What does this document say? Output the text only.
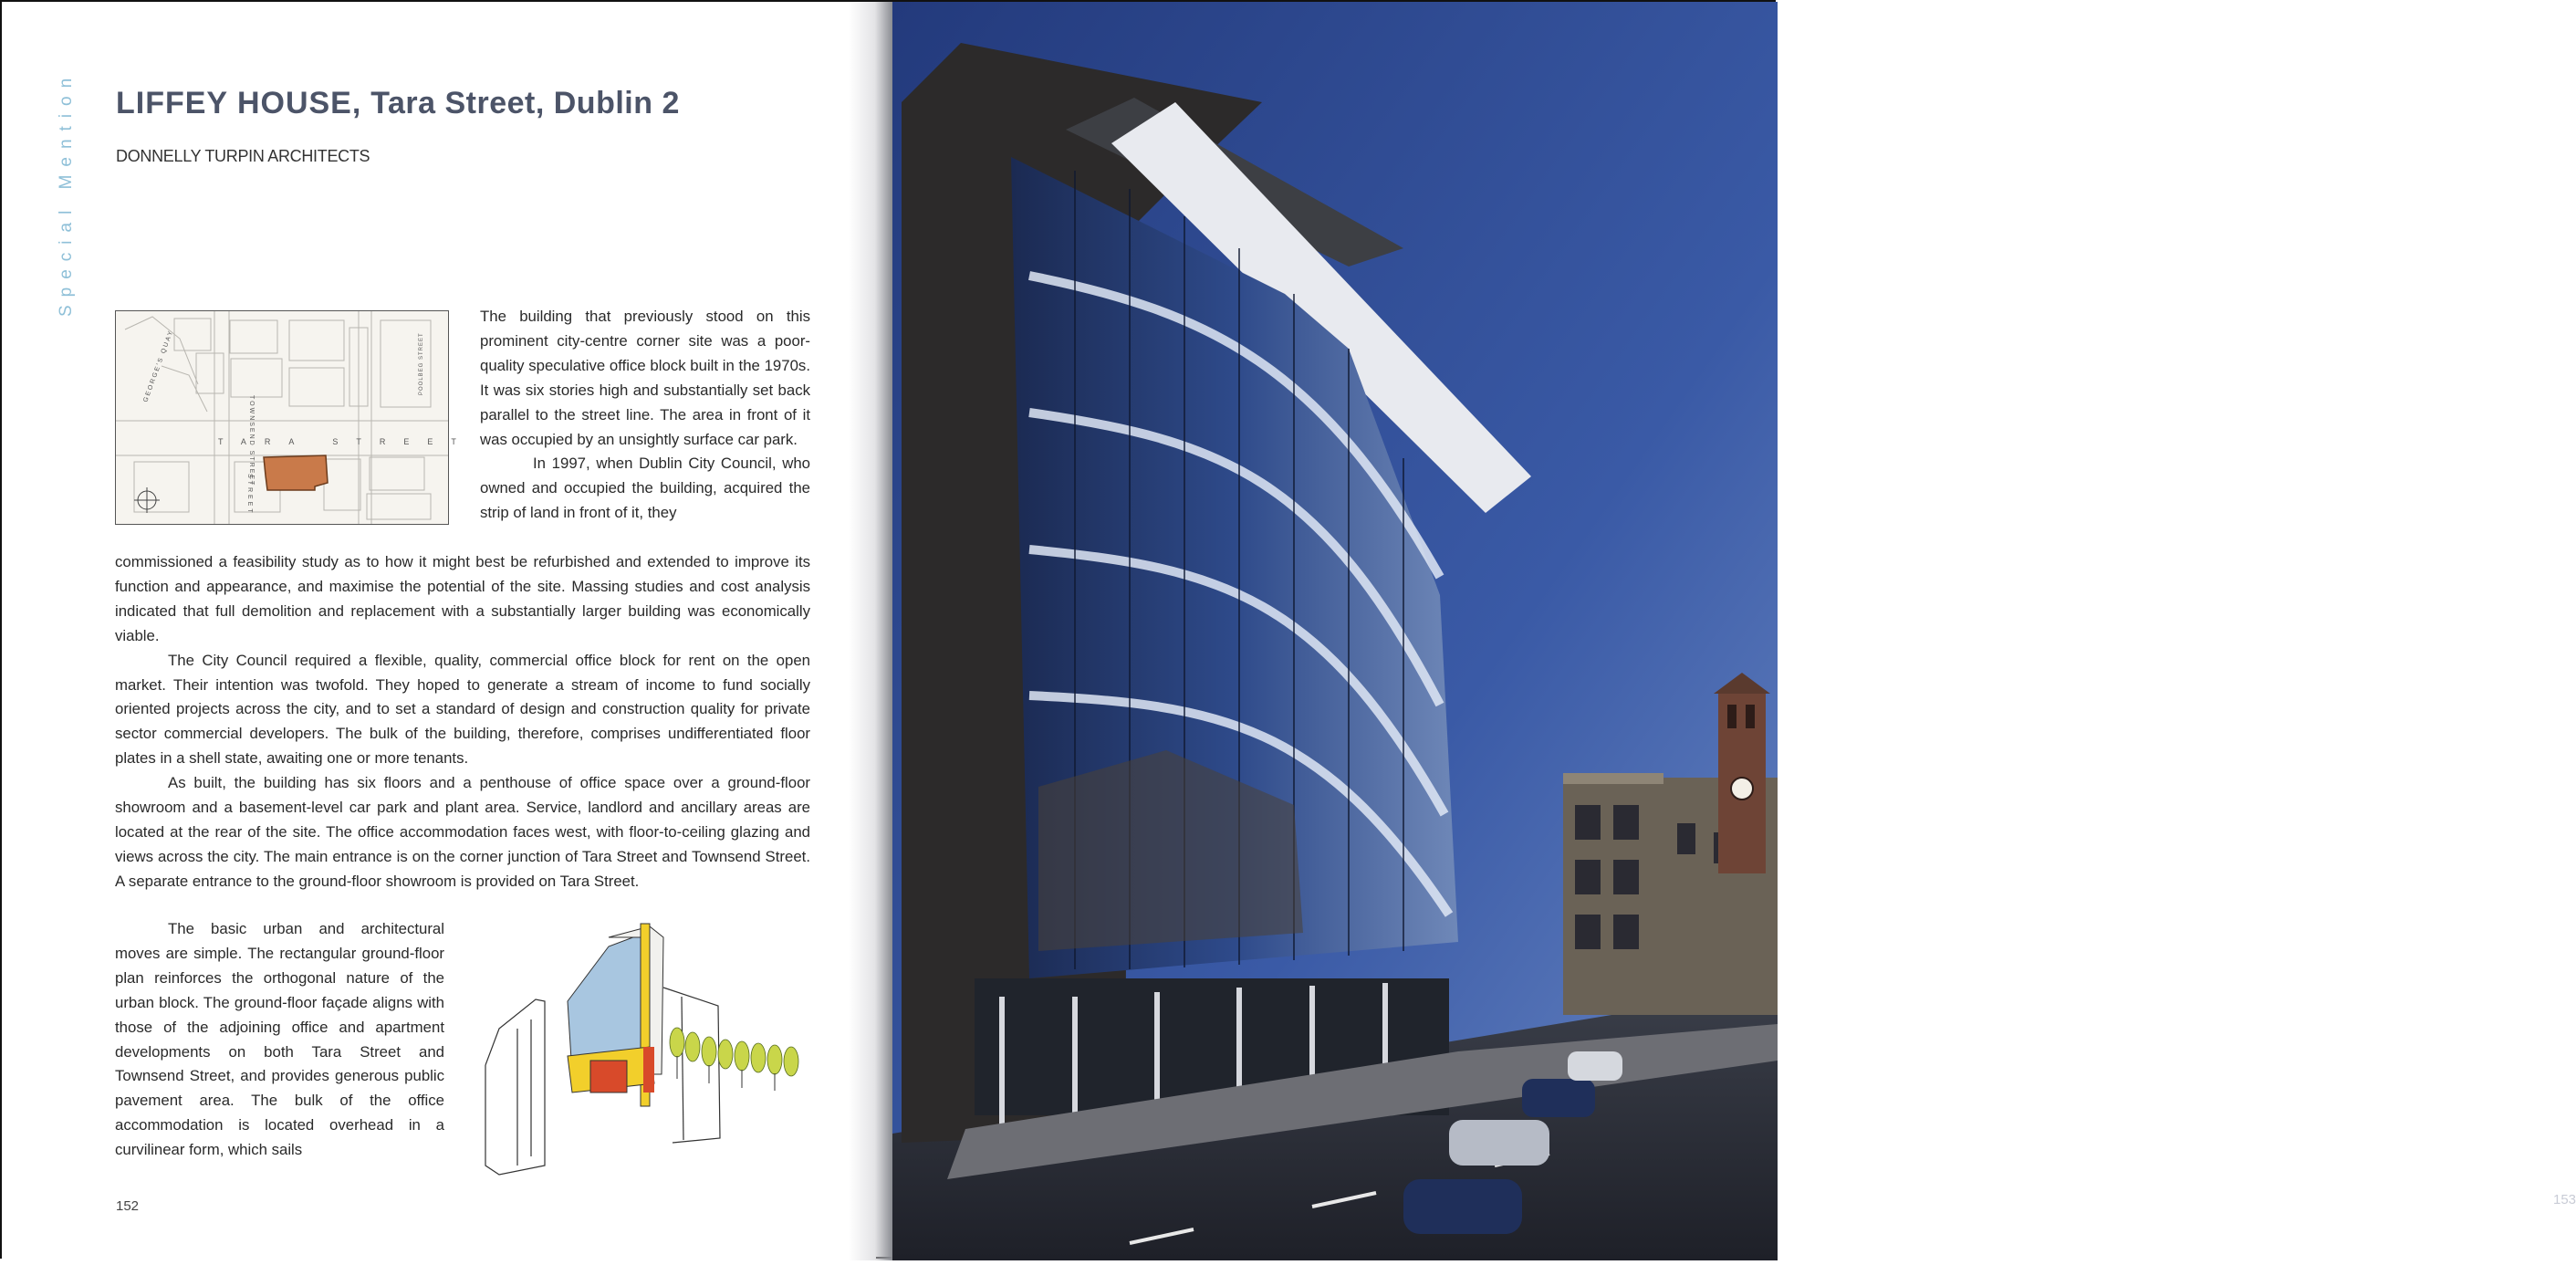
Special Mention LIFFEY HOUSE, Tara Street, Dublin 2
DONNELLY TURPIN ARCHITECTS
TARA STREET
TOWNSEND STREET
GEORGE'S QUAY	POOLBEG STREET
STREET

The building that previously stood on this prominent city-centre corner site was a poor-quality speculative office block built in the 1970s. It was six stories high and substantially set back parallel to the street line. The area in front of it was occupied by an unsightly surface car park.

In 1997, when Dublin City Council, who owned and occupied the building, acquired the strip of land in front of it, they

commissioned a feasibility study as to how it might best be refurbished and extended to improve its function and appearance, and maximise the potential of the site. Massing studies and cost analysis indicated that full demolition and replacement with a substantially larger building was economically viable.

The City Council required a flexible, quality, commercial office block for rent on the open market. Their intention was twofold. They hoped to generate a stream of income to fund socially oriented projects across the city, and to set a standard of design and construction quality for private sector commercial developers. The bulk of the building, therefore, comprises undifferentiated floor plates in a shell state, awaiting one or more tenants.

As built, the building has six floors and a penthouse of office space over a ground-floor showroom and a basement-level car park and plant area. Service, landlord and ancillary areas are located at the rear of the site. The office accommodation faces west, with floor-to-ceiling glazing and views across the city. The main entrance is on the corner junction of Tara Street and Townsend Street. A separate entrance to the ground-floor showroom is provided on Tara Street.

The basic urban and architectural moves are simple. The rectangular ground-floor plan reinforces the orthogonal nature of the urban block. The ground-floor façade aligns with those of the adjoining office and apartment developments on both Tara Street and Townsend Street, and provides generous public pavement area. The bulk of the office accommodation is located overhead in a curvilinear form, which sails

152	153
